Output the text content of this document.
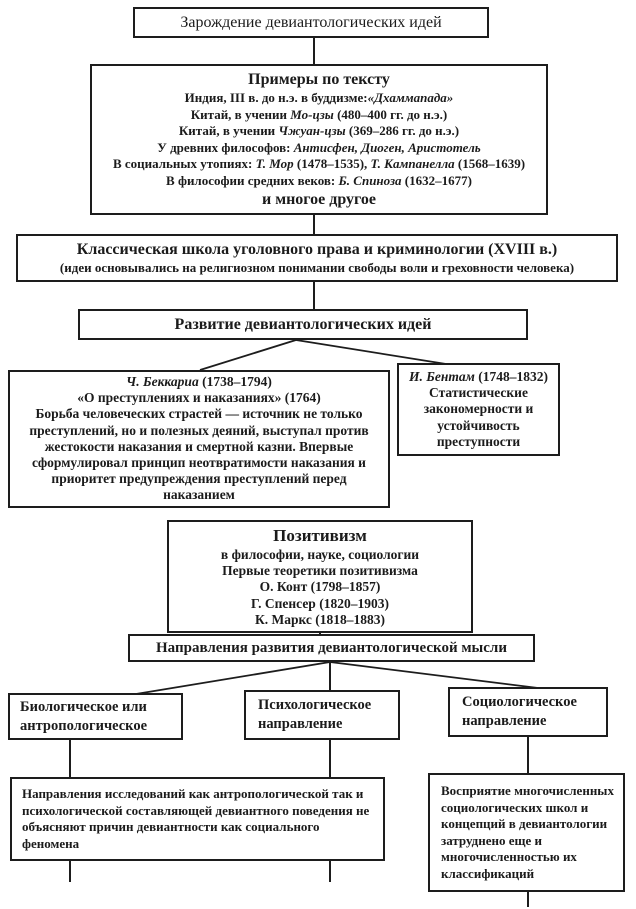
Зарождение девиантологических идей
Примеры по тексту
Индия, III в. до н.э. в буддизме:«Дхаммапада»
Китай, в учении Мо-цзы (480–400 гг. до н.э.)
Китай, в учении Чжуан-цзы (369–286 гг. до н.э.)
У древних философов: Антисфен, Диоген, Аристотель
В социальных утопиях: Т. Мор (1478–1535), Т. Кампанелла (1568–1639)
В философии средних веков: Б. Спиноза (1632–1677)
и многое другое
Классическая школа уголовного права и криминологии (XVIII в.)
(идеи основывались на религиозном понимании свободы воли и греховности человека)
Развитие девиантологических идей
Ч. Беккариа (1738–1794)
«О преступлениях и наказаниях» (1764)
Борьба человеческих страстей — источник не только преступлений, но и полезных деяний, выступал против жестокости наказания и смертной казни. Впервые сформулировал принцип неотвратимости наказания и приоритет предупреждения преступлений перед наказанием
И. Бентам (1748–1832)
Статистические закономерности и устойчивость преступности
Позитивизм
в философии, науке, социологии
Первые теоретики позитивизма
О. Конт (1798–1857)
Г. Спенсер (1820–1903)
К. Маркс (1818–1883)
Направления развития девиантологической мысли
Биологическое или антропологическое
Психологическое направление
Социологическое направление
Направления исследований как антропологической так и психологической составляющей девиантного поведения не объясняют причин девиантности как социального феномена
Восприятие многочисленных социологических школ и концепций в девиантологии затруднено еще и многочисленностью их классификаций
